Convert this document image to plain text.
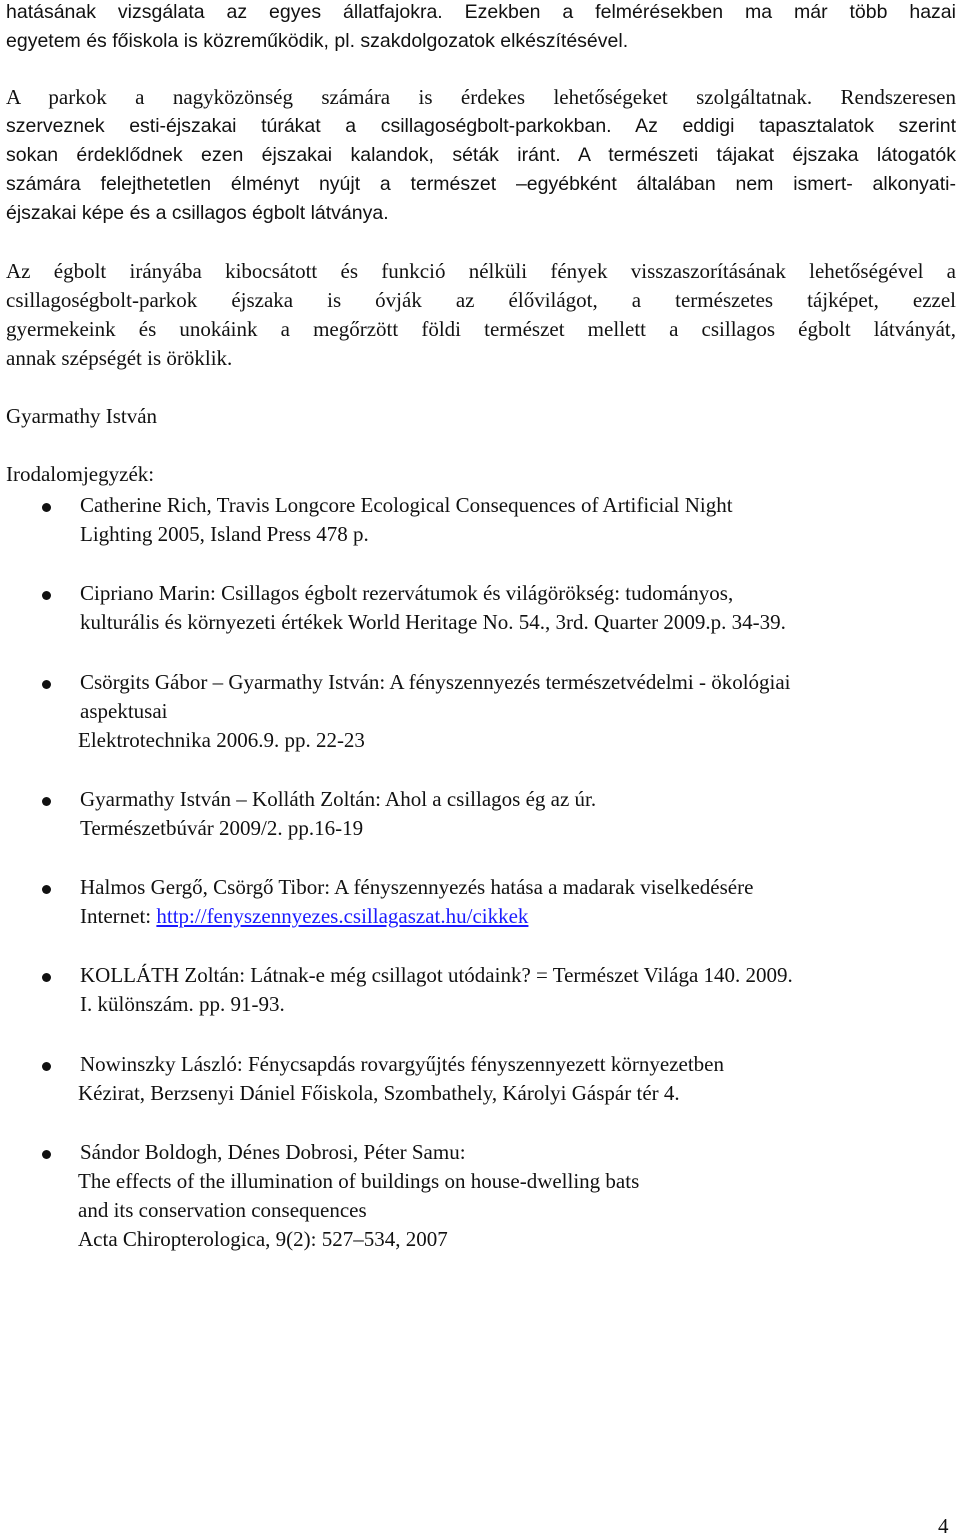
hatásának vizsgálata az egyes állatfajokra. Ezekben a felmérésekben ma már több hazai
egyetem és főiskola is közreműködik, pl. szakdolgozatok elkészítésével.
A parkok a nagyközönség számára is érdekes lehetőségeket szolgáltatnak. Rendszeresen
szerveznek esti-éjszakai túrákat a csillagoségbolt-parkokban. Az eddigi tapasztalatok szerint
sokan érdeklődnek ezen éjszakai kalandok, séták iránt. A természeti tájakat éjszaka látogatók
számára felejthetetlen élményt nyújt a természet –egyébként általában nem ismert- alkonyati-
éjszakai képe és a csillagos égbolt látványa.
Az égbolt irányába kibocsátott és funkció nélküli fények visszaszorításának lehetőségével a
csillagoségbolt-parkok éjszaka is óvják az élővilágot, a természetes tájképet, ezzel
gyermekeink és unokáink a megőrzött földi természet mellett a csillagos égbolt látványát,
annak szépségét is öröklik.
Gyarmathy István
Irodalomjegyzék:
Catherine Rich, Travis Longcore Ecological Consequences of Artificial Night
Lighting 2005, Island Press 478 p.
Cipriano Marin: Csillagos égbolt rezervátumok és világörökség: tudományos,
kulturális és környezeti értékek World Heritage No. 54., 3rd. Quarter 2009.p. 34-39.
Csörgits Gábor – Gyarmathy István: A fényszennyezés természetvédelmi - ökológiai
aspektusai
Elektrotechnika 2006.9. pp. 22-23
Gyarmathy István – Kolláth Zoltán: Ahol a csillagos ég az úr.
Természetbúvár 2009/2. pp.16-19
Halmos Gergő, Csörgő Tibor: A fényszennyezés hatása a madarak viselkedésére
Internet: http://fenyszennyezes.csillagaszat.hu/cikkek
KOLLÁTH Zoltán: Látnak-e még csillagot utódaink? = Természet Világa 140. 2009.
I. különszám. pp. 91-93.
Nowinszky László: Fénycsapdás rovargyűjtés fényszennyezett környezetben
Kézirat, Berzsenyi Dániel Főiskola, Szombathely, Károlyi Gáspár tér 4.
Sándor Boldogh, Dénes Dobrosi, Péter Samu:
The effects of the illumination of buildings on house-dwelling bats
and its conservation consequences
Acta Chiropterologica, 9(2): 527–534, 2007
4
